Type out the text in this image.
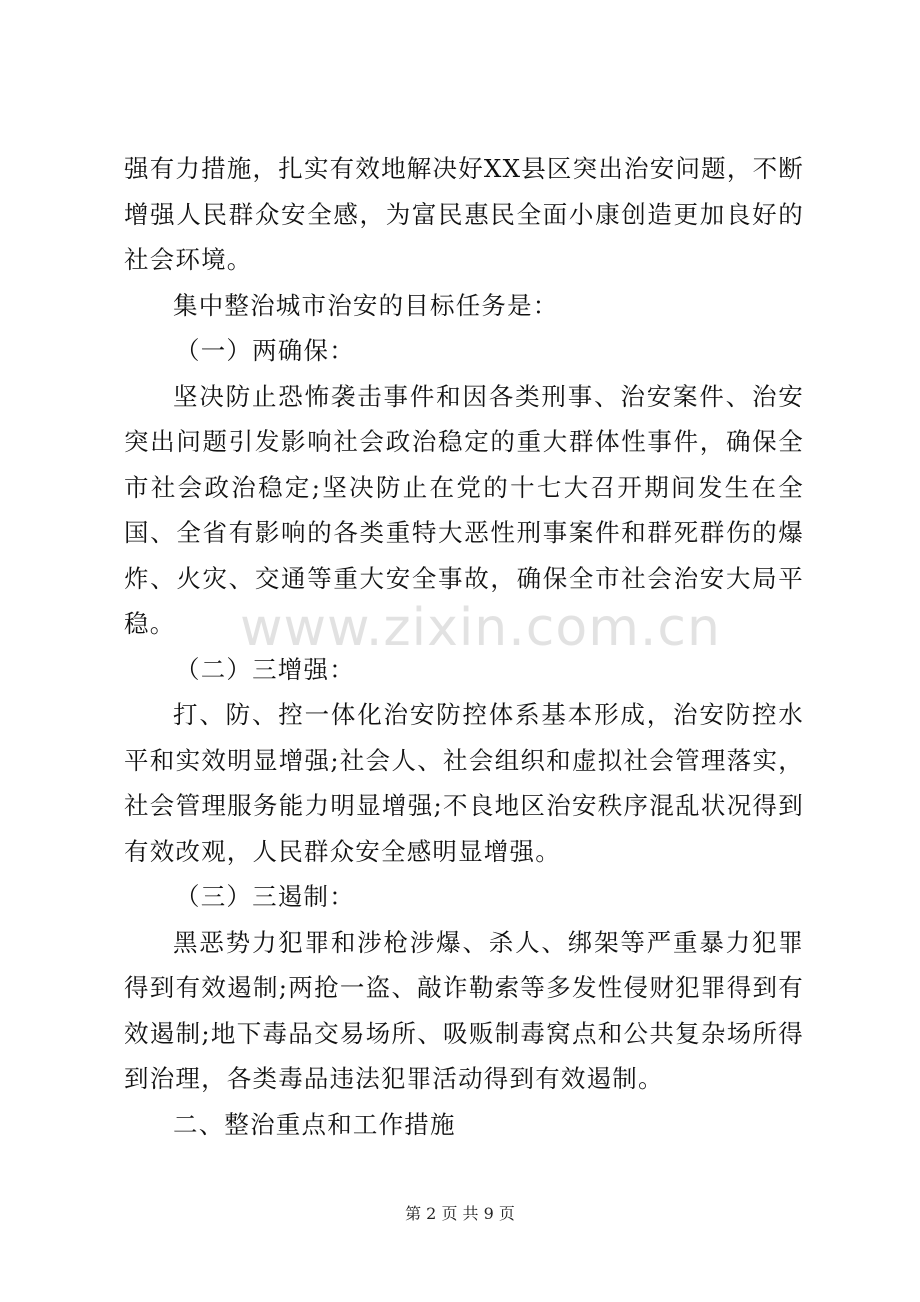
www.zixin.com.cn

强有力措施，扎实有效地解决好XX县区突出治安问题，不断增强人民群众安全感，为富民惠民全面小康创造更加良好的社会环境。

集中整治城市治安的目标任务是：

（一）两确保：

坚决防止恐怖袭击事件和因各类刑事、治安案件、治安突出问题引发影响社会政治稳定的重大群体性事件，确保全市社会政治稳定;坚决防止在党的十七大召开期间发生在全国、全省有影响的各类重特大恶性刑事案件和群死群伤的爆炸、火灾、交通等重大安全事故，确保全市社会治安大局平稳。

（二）三增强：

打、防、控一体化治安防控体系基本形成，治安防控水平和实效明显增强;社会人、社会组织和虚拟社会管理落实，社会管理服务能力明显增强;不良地区治安秩序混乱状况得到有效改观，人民群众安全感明显增强。

（三）三遏制：

黑恶势力犯罪和涉枪涉爆、杀人、绑架等严重暴力犯罪得到有效遏制;两抢一盗、敲诈勒索等多发性侵财犯罪得到有效遏制;地下毒品交易场所、吸贩制毒窝点和公共复杂场所得到治理，各类毒品违法犯罪活动得到有效遏制。

二、整治重点和工作措施

第 2 页 共 9 页
